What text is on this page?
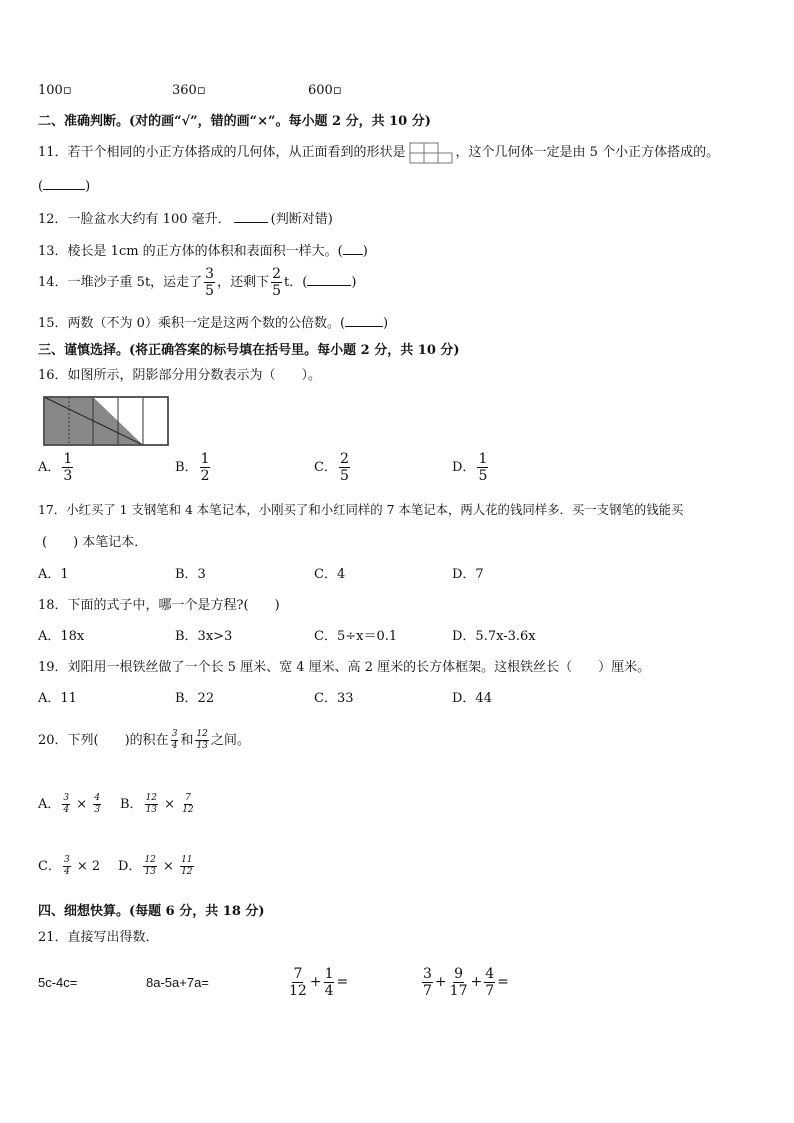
100▫	360▫	600▫
二、准确判断。(对的画“√”，错的画“×”。每小题 2 分，共 10 分)
11．若干个相同的小正方体搭成的几何体，从正面看到的形状是	，这个几何体一定是由 5 个小正方体搭成的。
(	)
12．一脸盆水大约有 100 毫升．	(判断对错)
13．棱长是 1cm 的正方体的体积和表面积一样大。( )
14．一堆沙子重 5t，运走了 $\frac{3}{5}$ ，还剩下 $\frac{2}{5}$ t．(	)
15．两数（不为 0）乘积一定是这两个数的公倍数。(	)
三、谨慎选择。(将正确答案的标号填在括号里。每小题 2 分，共 10 分)
16．如图所示，阴影部分用分数表示为（　　）。
A． $\frac{1}{3}$	B． $\frac{1}{2}$	C． $\frac{2}{5}$	D． $\frac{1}{5}$
17．小红买了 1 支钢笔和 4 本笔记本，小刚买了和小红同样的 7 本笔记本，两人花的钱同样多．买一支钢笔的钱能买
(　　) 本笔记本．
A．1	B．3	C．4	D．7
18．下面的式子中，哪一个是方程?(　　)
A．18x	B．3x>3	C．5÷x＝0.1	D．5.7x-3.6x
19．刘阳用一根铁丝做了一个长 5 厘米、宽 4 厘米、高 2 厘米的长方体框架。这根铁丝长（　　）厘米。
A．11	B．22	C．33	D．44
20．下列(　　)的积在 $\frac{3}{4}$ 和 $\frac{12}{13}$ 之间。
A． $\frac{3}{4} \times \frac{4}{3}$ B． $\frac{12}{13} \times \frac{7}{12}$
C． $\frac{3}{4} \times 2$ D． $\frac{12}{13} \times \frac{11}{12}$
四、细想快算。(每题 6 分，共 18 分)
21．直接写出得数．
5c-4c=	8a-5a+7a=	$\frac{7}{12} + \frac{1}{4}$ =	$\frac{3}{7} + \frac{9}{17} + \frac{4}{7}$ =
